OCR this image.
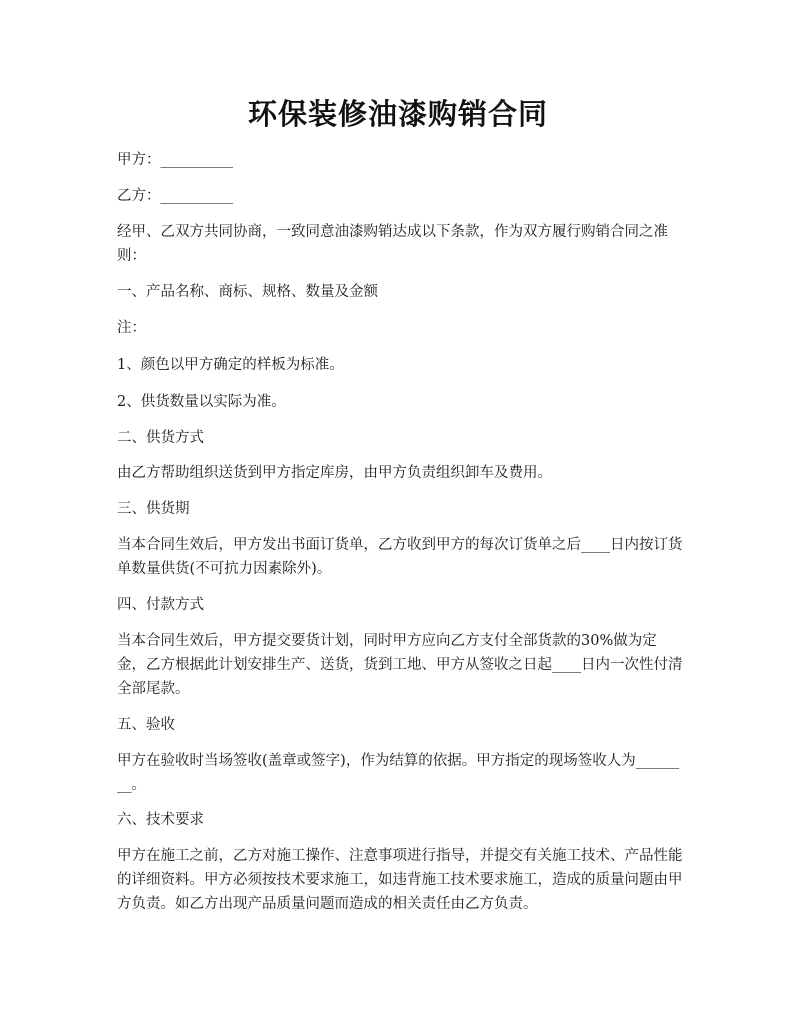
环保装修油漆购销合同

甲方：__________

乙方：__________

经甲、乙双方共同协商，一致同意油漆购销达成以下条款，作为双方履行购销合同之准则：

一、产品名称、商标、规格、数量及金额

注：

1、颜色以甲方确定的样板为标准。

2、供货数量以实际为准。

二、供货方式

由乙方帮助组织送货到甲方指定库房，由甲方负责组织卸车及费用。

三、供货期

当本合同生效后，甲方发出书面订货单，乙方收到甲方的每次订货单之后____日内按订货单数量供货(不可抗力因素除外)。

四、付款方式

当本合同生效后，甲方提交要货计划，同时甲方应向乙方支付全部货款的30%做为定金，乙方根据此计划安排生产、送货，货到工地、甲方从签收之日起____日内一次性付清全部尾款。

五、验收

甲方在验收时当场签收(盖章或签字)，作为结算的依据。甲方指定的现场签收人为________。

六、技术要求

甲方在施工之前，乙方对施工操作、注意事项进行指导，并提交有关施工技术、产品性能的详细资料。甲方必须按技术要求施工，如违背施工技术要求施工，造成的质量问题由甲方负责。如乙方出现产品质量问题而造成的相关责任由乙方负责。
